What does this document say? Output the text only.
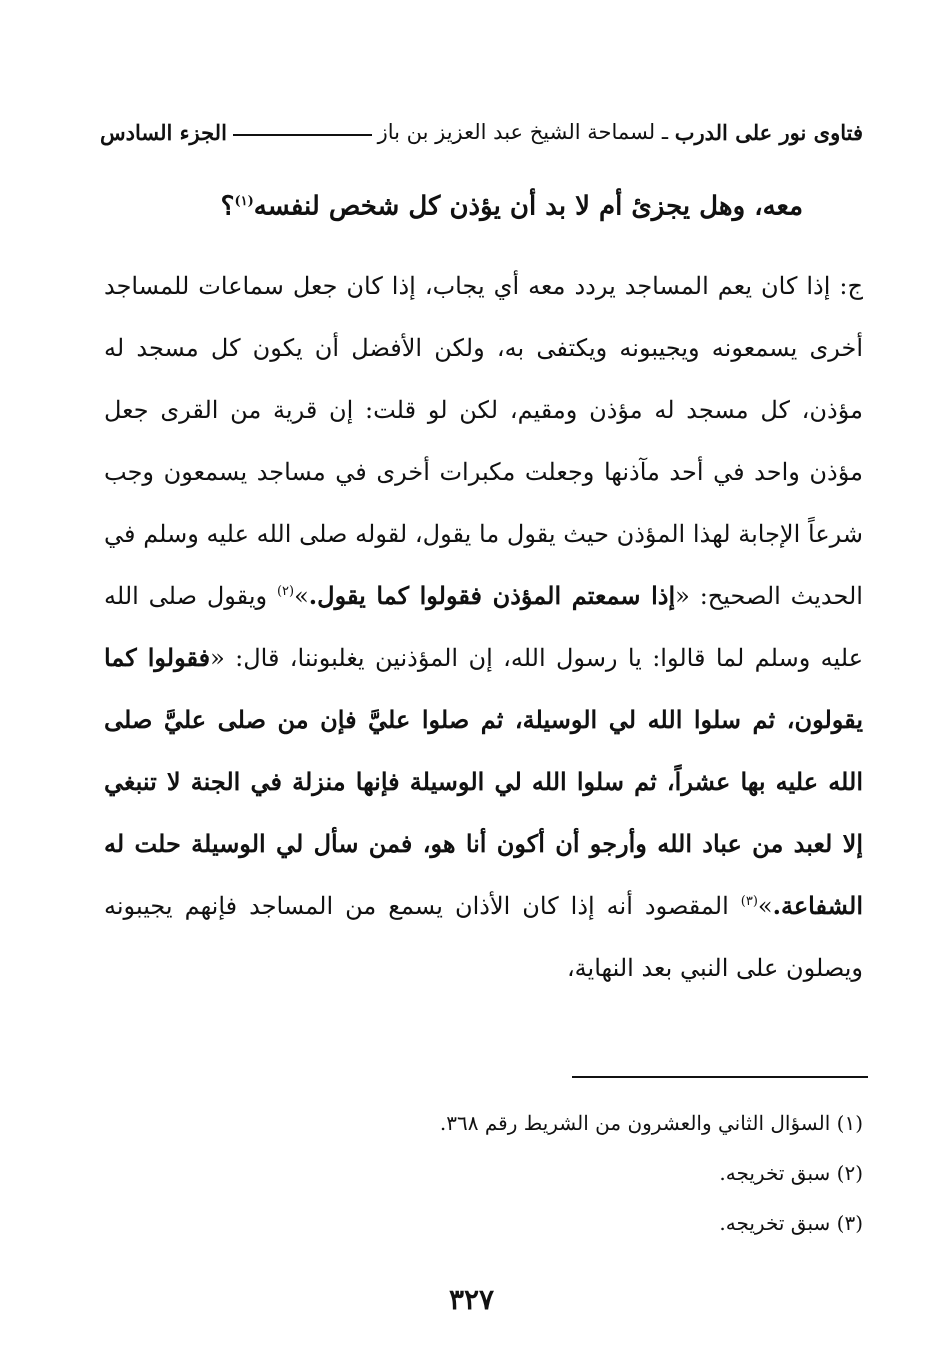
فتاوى نور على الدرب
ـ لسماحة الشيخ عبد العزيز بن باز
الجزء السادس
معه، وهل يجزئ أم لا بد أن يؤذن كل شخص لنفسه$^{(١)}$؟

ج: إذا كان يعم المساجد يردد معه أي يجاب، إذا كان جعل سماعات للمساجد أخرى يسمعونه ويجيبونه ويكتفى به، ولكن الأفضل أن يكون كل مسجد له مؤذن، كل مسجد له مؤذن ومقيم، لكن لو قلت: إن قرية من القرى جعل مؤذن واحد في أحد مآذنها وجعلت مكبرات أخرى في مساجد يسمعون وجب شرعاً الإجابة لهذا المؤذن حيث يقول ما يقول، لقوله صلى الله عليه وسلم في الحديث الصحيح: «إذا سمعتم المؤذن فقولوا كما يقول.»$^{(٢)}$ ويقول صلى الله عليه وسلم لما قالوا: يا رسول الله، إن المؤذنين يغلبوننا، قال: «فقولوا كما يقولون، ثم سلوا الله لي الوسيلة، ثم صلوا عليَّ فإن من صلى عليَّ صلى الله عليه بها عشراً، ثم سلوا الله لي الوسيلة فإنها منزلة في الجنة لا تنبغي إلا لعبد من عباد الله وأرجو أن أكون أنا هو، فمن سأل لي الوسيلة حلت له الشفاعة.»$^{(٣)}$ المقصود أنه إذا كان الأذان يسمع من المساجد فإنهم يجيبونه ويصلون على النبي بعد النهاية،

(١) السؤال الثاني والعشرون من الشريط رقم ٣٦٨.
(٢) سبق تخريجه.
(٣) سبق تخريجه.
٣٢٧
